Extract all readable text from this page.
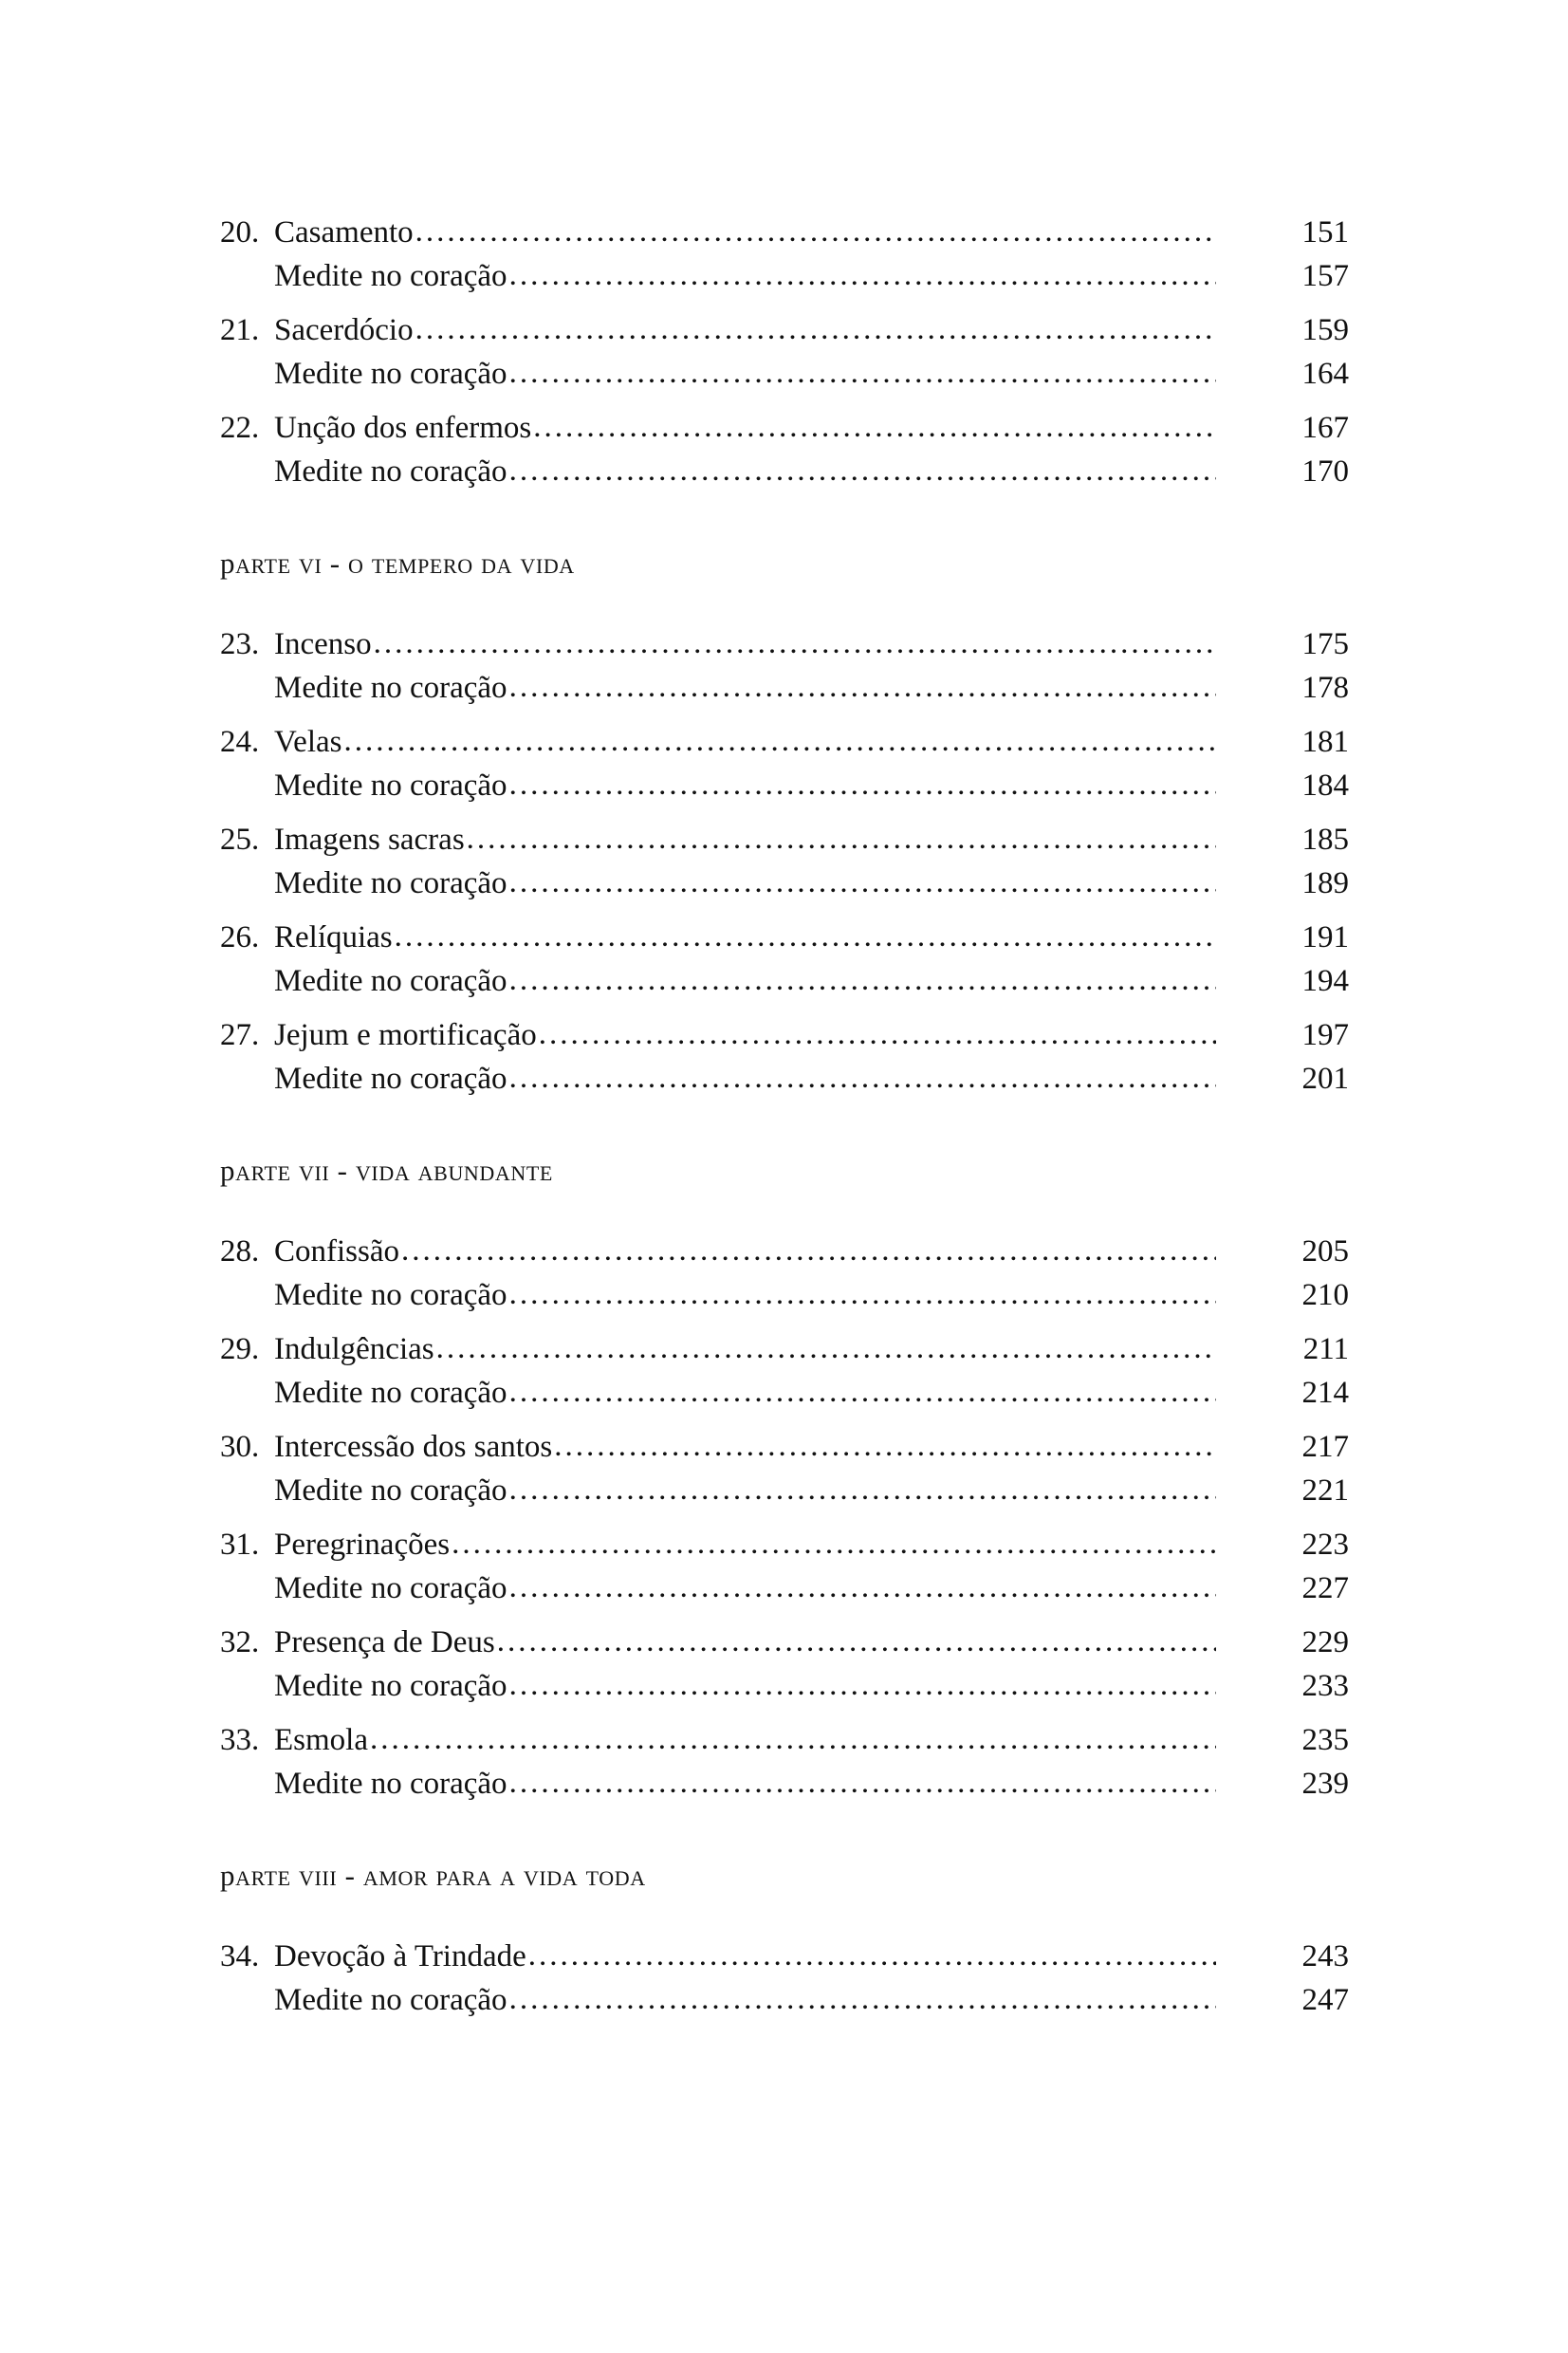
20. Casamento .....	151
Medite no coração .....	157
21. Sacerdócio .....	159
Medite no coração .....	164
22. Unção dos enfermos .....	167
Medite no coração .....	170
parte vi - o tempero da vida
23. Incenso .....	175
Medite no coração .....	178
24. Velas .....	181
Medite no coração .....	184
25. Imagens sacras .....	185
Medite no coração .....	189
26. Relíquias .....	191
Medite no coração .....	194
27. Jejum e mortificação .....	197
Medite no coração .....	201
parte vii - vida abundante
28. Confissão .....	205
Medite no coração .....	210
29. Indulgências .....	211
Medite no coração .....	214
30. Intercessão dos santos .....	217
Medite no coração .....	221
31. Peregrinações .....	223
Medite no coração .....	227
32. Presença de Deus .....	229
Medite no coração .....	233
33. Esmola .....	235
Medite no coração .....	239
parte viii - amor para a vida toda
34. Devoção à Trindade .....	243
Medite no coração .....	247
